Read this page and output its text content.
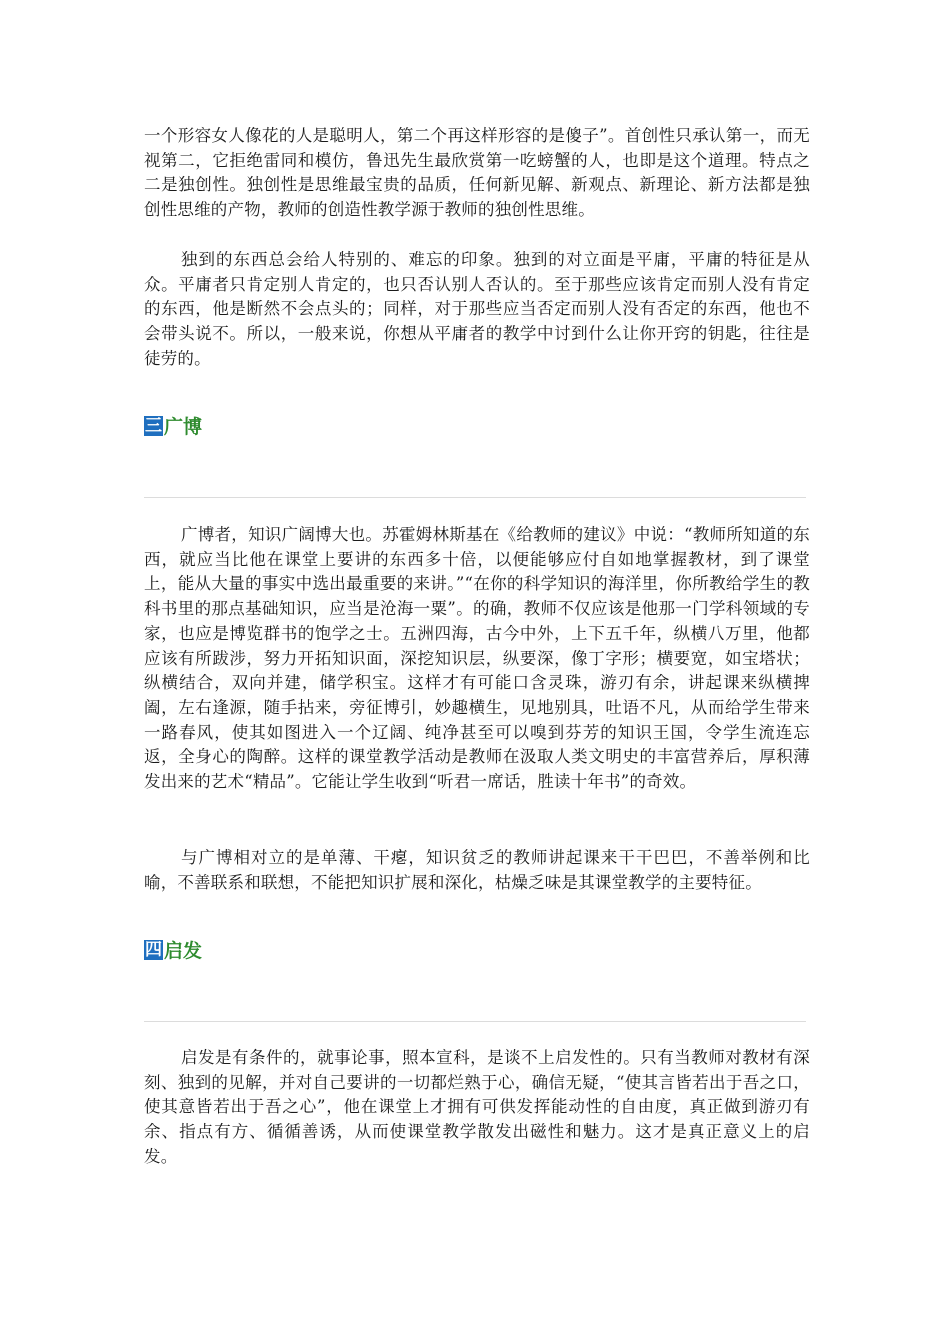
一个形容女人像花的人是聪明人，第二个再这样形容的是傻子”。首创性只承认第一，而无视第二，它拒绝雷同和模仿，鲁迅先生最欣赏第一吃螃蟹的人，也即是这个道理。特点之二是独创性。独创性是思维最宝贵的品质，任何新见解、新观点、新理论、新方法都是独创性思维的产物，教师的创造性教学源于教师的独创性思维。

独到的东西总会给人特别的、难忘的印象。独到的对立面是平庸，平庸的特征是从众。平庸者只肯定别人肯定的，也只否认别人否认的。至于那些应该肯定而别人没有肯定的东西，他是断然不会点头的；同样，对于那些应当否定而别人没有否定的东西，他也不会带头说不。所以，一般来说，你想从平庸者的教学中讨到什么让你开窍的钥匙，往往是徒劳的。

三 广博

广博者，知识广阔博大也。苏霍姆林斯基在《给教师的建议》中说：“教师所知道的东西，就应当比他在课堂上要讲的东西多十倍，以便能够应付自如地掌握教材，到了课堂上，能从大量的事实中选出最重要的来讲。”“在你的科学知识的海洋里，你所教给学生的教科书里的那点基础知识，应当是沧海一粟”。的确，教师不仅应该是他那一门学科领域的专家，也应是博览群书的饱学之士。五洲四海，古今中外，上下五千年，纵横八万里，他都应该有所跋涉，努力开拓知识面，深挖知识层，纵要深，像丁字形；横要宽，如宝塔状；纵横结合，双向并建，储学积宝。这样才有可能口含灵珠，游刃有余，讲起课来纵横捭阖，左右逢源，随手拈来，旁征博引，妙趣横生，见地别具，吐语不凡，从而给学生带来一路春风，使其如图进入一个辽阔、纯净甚至可以嗅到芬芳的知识王国，令学生流连忘返，全身心的陶醉。这样的课堂教学活动是教师在汲取人类文明史的丰富营养后，厚积薄发出来的艺术“精品”。它能让学生收到“听君一席话，胜读十年书”的奇效。

与广博相对立的是单薄、干瘪，知识贫乏的教师讲起课来干干巴巴，不善举例和比喻，不善联系和联想，不能把知识扩展和深化，枯燥乏味是其课堂教学的主要特征。

四 启发

启发是有条件的，就事论事，照本宣科，是谈不上启发性的。只有当教师对教材有深刻、独到的见解，并对自己要讲的一切都烂熟于心，确信无疑，“使其言皆若出于吾之口，使其意皆若出于吾之心”，他在课堂上才拥有可供发挥能动性的自由度，真正做到游刃有余、指点有方、循循善诱，从而使课堂教学散发出磁性和魅力。这才是真正意义上的启发。
